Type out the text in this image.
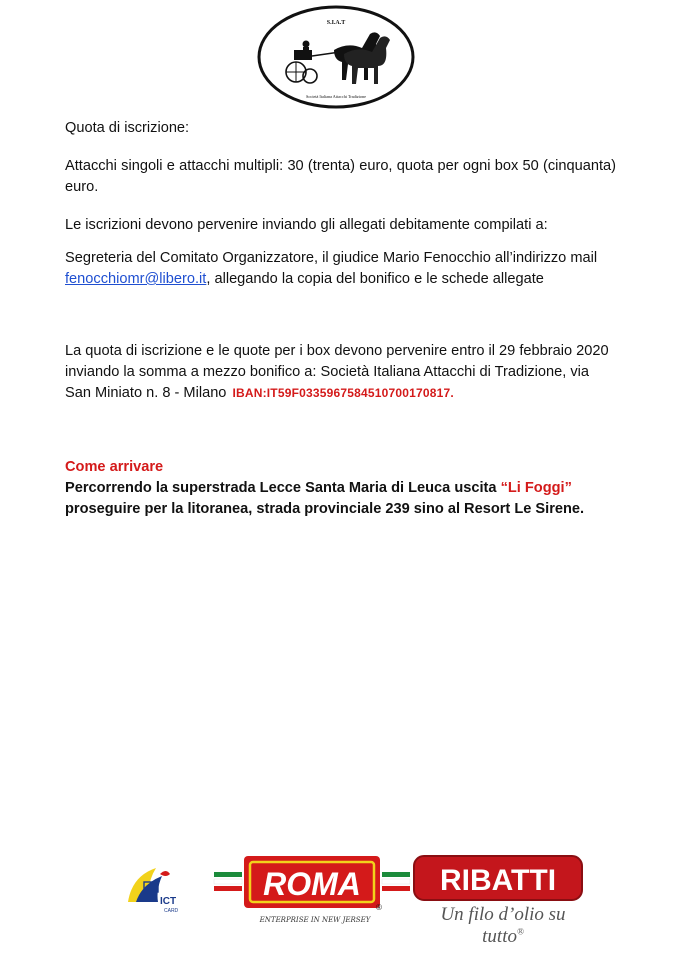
S.I.A.T
Società Italiana Attacchi Tradizione
Quota di iscrizione:
Attacchi singoli e attacchi multipli: 30 (trenta) euro, quota per ogni box 50 (cinquanta) euro.
Le iscrizioni devono pervenire inviando gli allegati debitamente compilati a:
Segreteria del Comitato Organizzatore, il giudice Mario Fenocchio all’indirizzo mail
fenocchiomr@libero.it, allegando la copia del bonifico e le schede allegate
La quota di iscrizione e le quote per i box devono pervenire entro il 29 febbraio 2020 inviando la somma a mezzo bonifico a: Società Italiana Attacchi di Tradizione, via San Miniato n. 8 - Milano IBAN:IT59F0335967584510700170817.
Come arrivare
Percorrendo la superstrada Lecce Santa Maria di Leuca uscita “Li Foggi”
proseguire per la litoranea, strada provinciale 239 sino al Resort Le Sirene.
ICT
CARD
ROMA
®
ENTERPRISE IN NEW JERSEY
RIBATTI
Un filo d’olio su tutto®
